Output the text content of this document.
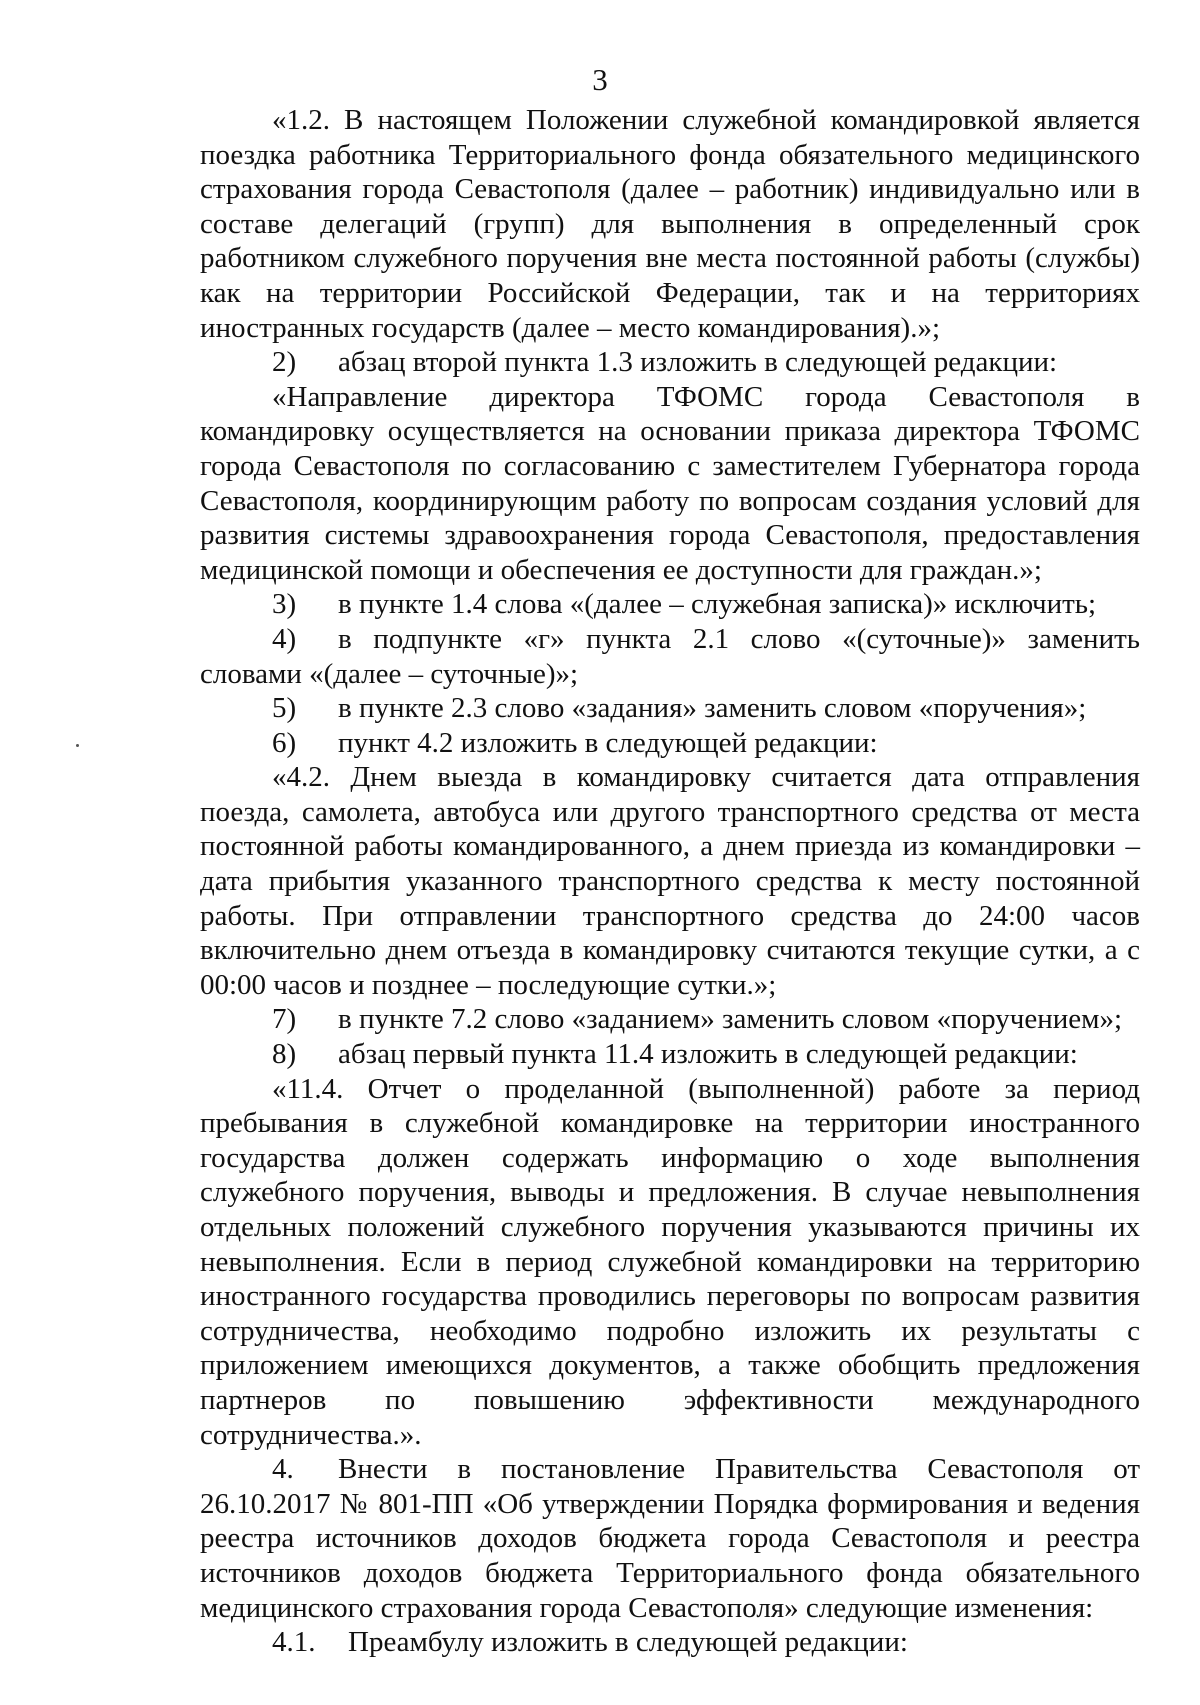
3

«1.2. В настоящем Положении служебной командировкой является поездка работника Территориального фонда обязательного медицинского страхования города Севастополя (далее – работник) индивидуально или в составе делегаций (групп) для выполнения в определенный срок работником служебного поручения вне места постоянной работы (службы) как на территории Российской Федерации, так и на территориях иностранных государств (далее – место командирования).»;

2) абзац второй пункта 1.3 изложить в следующей редакции:

«Направление директора ТФОМС города Севастополя в командировку осуществляется на основании приказа директора ТФОМС города Севастополя по согласованию с заместителем Губернатора города Севастополя, координирующим работу по вопросам создания условий для развития системы здравоохранения города Севастополя, предоставления медицинской помощи и обеспечения ее доступности для граждан.»;

3) в пункте 1.4 слова «(далее – служебная записка)» исключить;

4) в подпункте «г» пункта 2.1 слово «(суточные)» заменить словами «(далее – суточные)»;

5) в пункте 2.3 слово «задания» заменить словом «поручения»;

6) пункт 4.2 изложить в следующей редакции:

«4.2. Днем выезда в командировку считается дата отправления поезда, самолета, автобуса или другого транспортного средства от места постоянной работы командированного, а днем приезда из командировки – дата прибытия указанного транспортного средства к месту постоянной работы. При отправлении транспортного средства до 24:00 часов включительно днем отъезда в командировку считаются текущие сутки, а с 00:00 часов и позднее – последующие сутки.»;

7) в пункте 7.2 слово «заданием» заменить словом «поручением»;

8) абзац первый пункта 11.4 изложить в следующей редакции:

«11.4. Отчет о проделанной (выполненной) работе за период пребывания в служебной командировке на территории иностранного государства должен содержать информацию о ходе выполнения служебного поручения, выводы и предложения. В случае невыполнения отдельных положений служебного поручения указываются причины их невыполнения. Если в период служебной командировки на территорию иностранного государства проводились переговоры по вопросам развития сотрудничества, необходимо подробно изложить их результаты с приложением имеющихся документов, а также обобщить предложения партнеров по повышению эффективности международного сотрудничества.».

4. Внести в постановление Правительства Севастополя от 26.10.2017 № 801-ПП «Об утверждении Порядка формирования и ведения реестра источников доходов бюджета города Севастополя и реестра источников доходов бюджета Территориального фонда обязательного медицинского страхования города Севастополя» следующие изменения:

4.1. Преамбулу изложить в следующей редакции:
